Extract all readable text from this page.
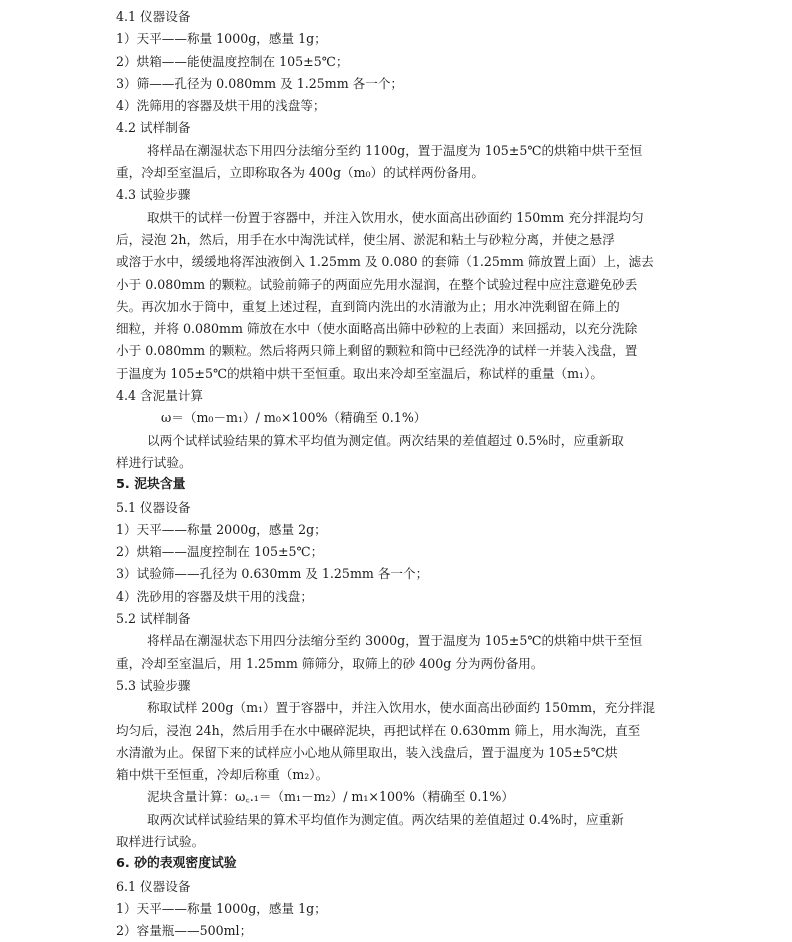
4.1 仪器设备
1）天平——称量 1000g，感量 1g；
2）烘箱——能使温度控制在 105±5℃；
3）筛——孔径为 0.080mm 及 1.25mm 各一个；
4）洗筛用的容器及烘干用的浅盘等；
4.2 试样制备
将样品在潮湿状态下用四分法缩分至约 1100g，置于温度为 105±5℃的烘箱中烘干至恒
重，冷却至室温后，立即称取各为 400g（m₀）的试样两份备用。
4.3 试验步骤
取烘干的试样一份置于容器中，并注入饮用水，使水面高出砂面约 150mm 充分拌混均匀
后，浸泡 2h，然后，用手在水中淘洗试样，使尘屑、淤泥和粘土与砂粒分离，并使之悬浮
或溶于水中，缓缓地将浑浊液倒入 1.25mm 及 0.080 的套筛（1.25mm 筛放置上面）上，滤去
小于 0.080mm 的颗粒。试验前筛子的两面应先用水湿润，在整个试验过程中应注意避免砂丢
失。再次加水于筒中，重复上述过程，直到筒内洗出的水清澈为止；用水冲洗剩留在筛上的
细粒，并将 0.080mm 筛放在水中（使水面略高出筛中砂粒的上表面）来回摇动，以充分洗除
小于 0.080mm 的颗粒。然后将两只筛上剩留的颗粒和筒中已经洗净的试样一并装入浅盘，置
于温度为 105±5℃的烘箱中烘干至恒重。取出来冷却至室温后，称试样的重量（m₁）。
4.4 含泥量计算
ω＝（m₀－m₁）/ m₀×100%（精确至 0.1%）
以两个试样试验结果的算术平均值为测定值。两次结果的差值超过 0.5%时，应重新取
样进行试验。
5. 泥块含量
5.1 仪器设备
1）天平——称量 2000g，感量 2g；
2）烘箱——温度控制在 105±5℃；
3）试验筛——孔径为 0.630mm 及 1.25mm 各一个；
4）洗砂用的容器及烘干用的浅盘；
5.2 试样制备
将样品在潮湿状态下用四分法缩分至约 3000g，置于温度为 105±5℃的烘箱中烘干至恒
重，冷却至室温后，用 1.25mm 筛筛分，取筛上的砂 400g 分为两份备用。
5.3 试验步骤
称取试样 200g（m₁）置于容器中，并注入饮用水，使水面高出砂面约 150mm，充分拌混
均匀后，浸泡 24h，然后用手在水中碾碎泥块，再把试样在 0.630mm 筛上，用水淘洗，直至
水清澈为止。保留下来的试样应小心地从筛里取出，装入浅盘后，置于温度为 105±5℃烘
箱中烘干至恒重，冷却后称重（m₂）。
泥块含量计算：ω꜀.₁＝（m₁－m₂）/ m₁×100%（精确至 0.1%）
取两次试样试验结果的算术平均值作为测定值。两次结果的差值超过 0.4%时，应重新
取样进行试验。
6. 砂的表观密度试验
6.1 仪器设备
1）天平——称量 1000g，感量 1g；
2）容量瓶——500ml；
